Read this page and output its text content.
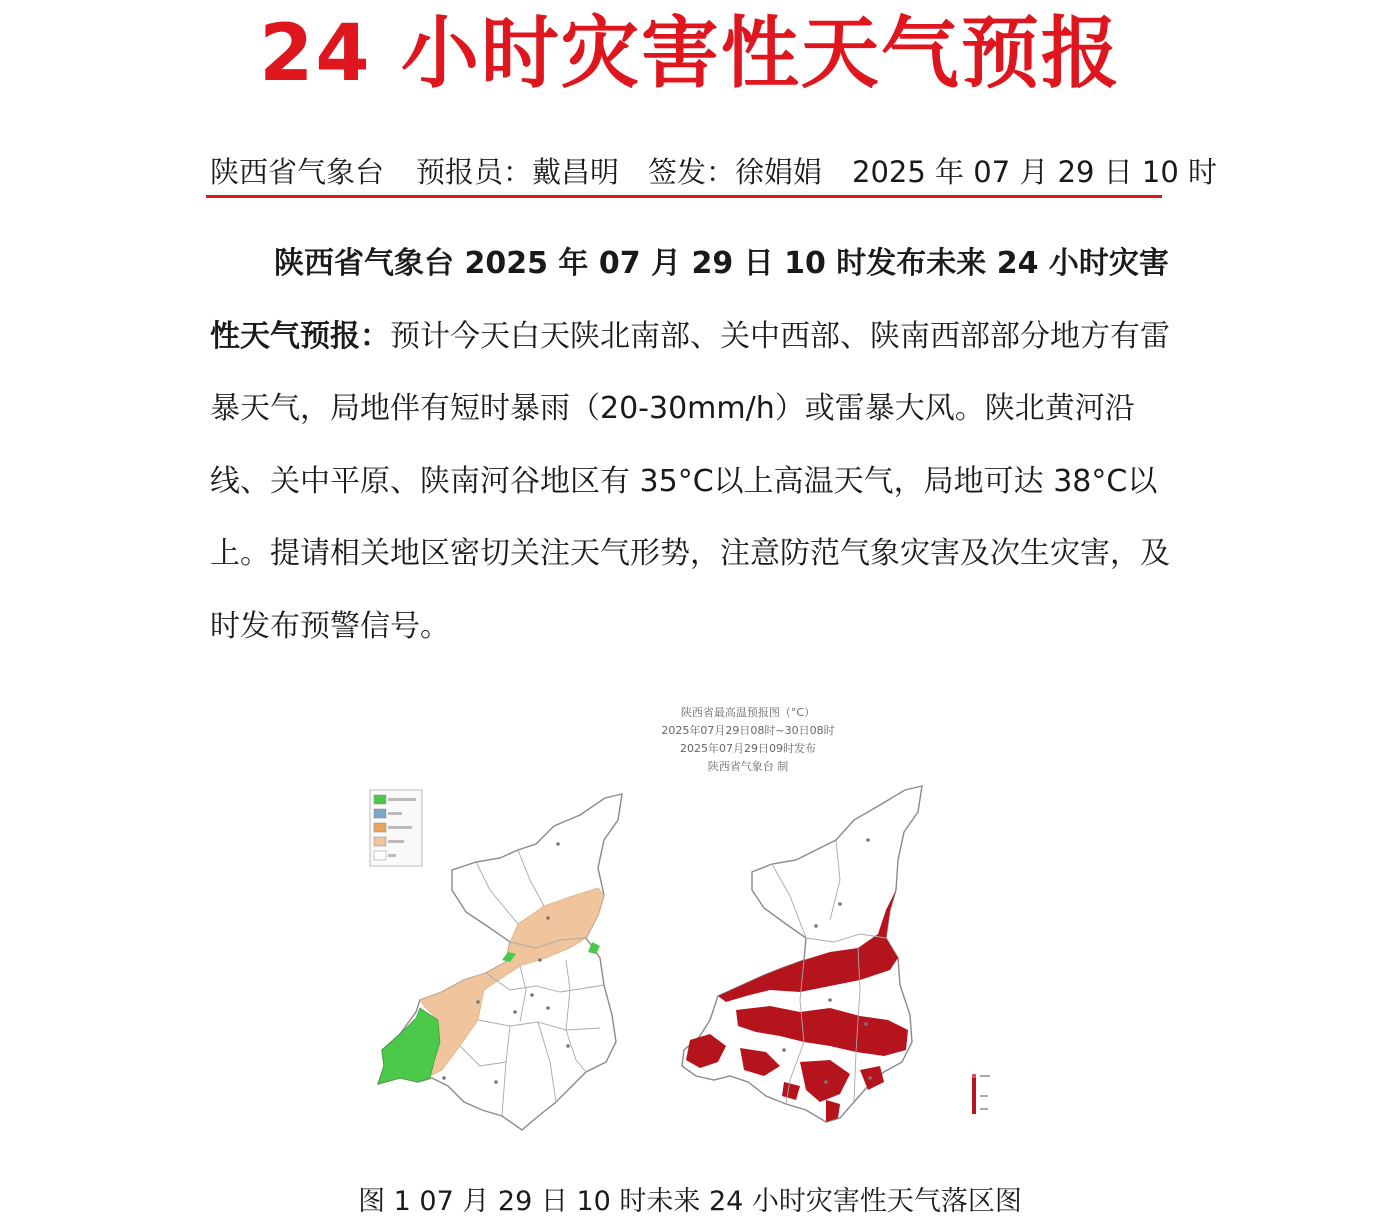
24 小时灾害性天气预报
陕西省气象台 预报员：戴昌明 签发：徐娟娟 2025 年 07 月 29 日 10 时

陕西省气象台 2025 年 07 月 29 日 10 时发布未来 24 小时灾害性天气预报：预计今天白天陕北南部、关中西部、陕南西部部分地方有雷暴天气，局地伴有短时暴雨（20-30mm/h）或雷暴大风。陕北黄河沿线、关中平原、陕南河谷地区有 35°C以上高温天气，局地可达 38°C以上。提请相关地区密切关注天气形势，注意防范气象灾害及次生灾害，及时发布预警信号。

陕西省最高温预报图（°C）
2025年07月29日08时~30日08时
2025年07月29日09时发布
陕西省气象台 制
图 1 07 月 29 日 10 时未来 24 小时灾害性天气落区图
